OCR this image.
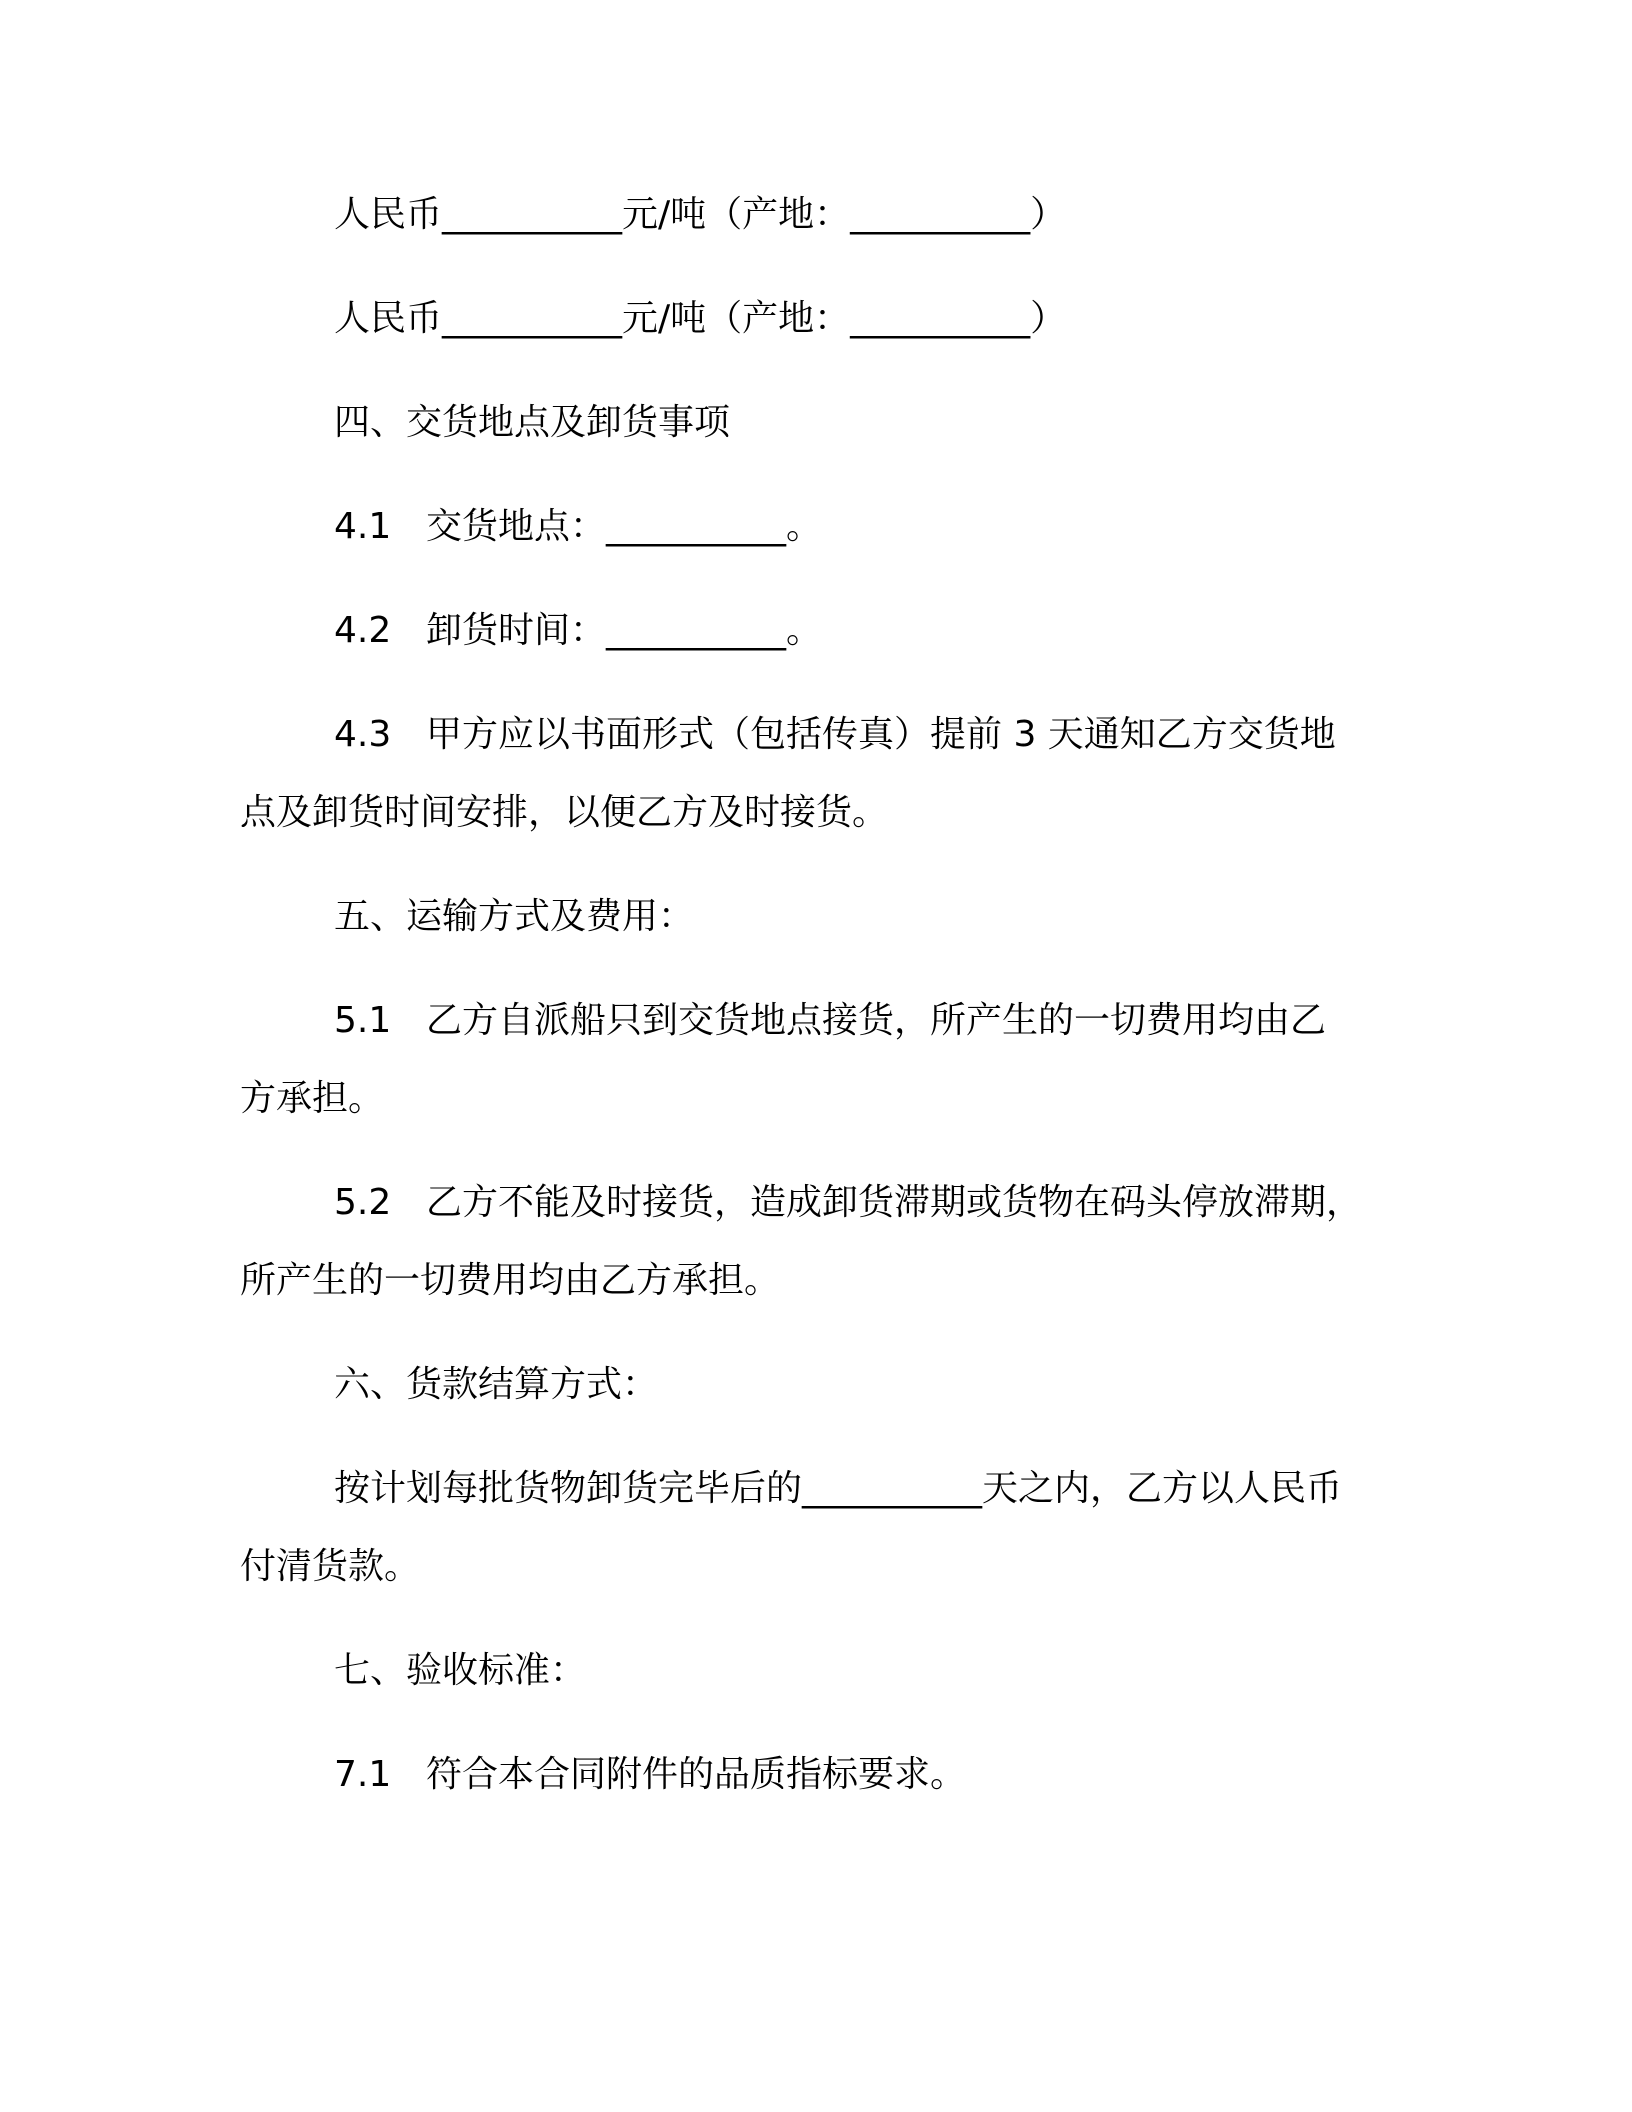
人民币__________元/吨（产地：__________）
人民币__________元/吨（产地：__________）
四、交货地点及卸货事项
4.1 交货地点：__________。
4.2 卸货时间：__________。
4.3 甲方应以书面形式（包括传真）提前 3 天通知乙方交货地
点及卸货时间安排，以便乙方及时接货。
五、运输方式及费用：
5.1 乙方自派船只到交货地点接货，所产生的一切费用均由乙
方承担。
5.2 乙方不能及时接货，造成卸货滞期或货物在码头停放滞期，
所产生的一切费用均由乙方承担。
六、货款结算方式：
按计划每批货物卸货完毕后的__________天之内，乙方以人民币
付清货款。
七、验收标准：
7.1 符合本合同附件的品质指标要求。
